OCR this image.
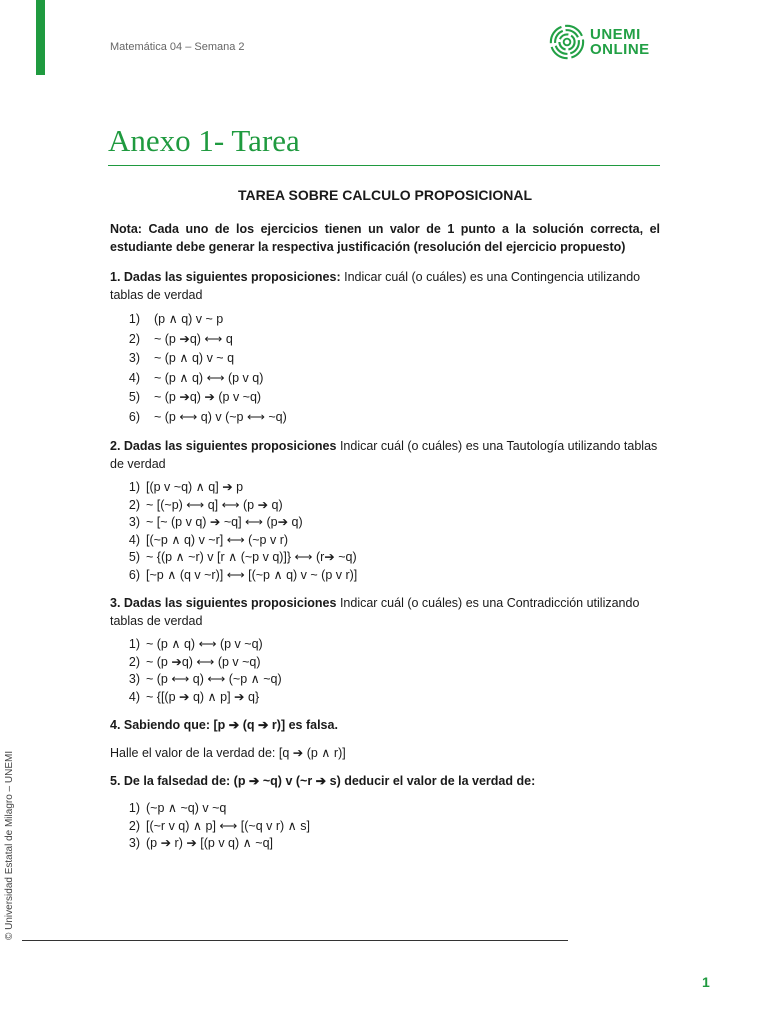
Matemática 04 – Semana 2
UNEMI
ONLINE
Anexo 1- Tarea
TAREA SOBRE CALCULO PROPOSICIONAL
Nota: Cada uno de los ejercicios tienen un valor de 1 punto a la solución correcta, el estudiante debe generar la respectiva justificación (resolución del ejercicio propuesto)

1. Dadas las siguientes proposiciones: Indicar cuál (o cuáles) es una Contingencia utilizando tablas de verdad

1)	(p ∧ q) v ~ p
2)	~ (p ➔q) ⟷ q
3)	~ (p ∧ q) v ~ q
4)	~ (p ∧ q) ⟷ (p v q)
5)	~ (p ➔q) ➔ (p v ~q)
6)	~ (p ⟷ q) v (~p ⟷ ~q)

2. Dadas las siguientes proposiciones Indicar cuál (o cuáles) es una Tautología utilizando tablas de verdad

1) [(p v ~q) ∧ q] ➔ p
2) ~ [(~p) ⟷ q] ⟷ (p ➔ q)
3) ~ [~ (p v q) ➔ ~q] ⟷ (p➔ q)
4) [(~p ∧ q) v ~r] ⟷ (~p v r)
5) ~ {(p ∧ ~r) v [r ∧ (~p v q)]} ⟷ (r➔ ~q)
6) [~p ∧ (q v ~r)] ⟷ [(~p ∧ q) v ~ (p v r)]

3. Dadas las siguientes proposiciones Indicar cuál (o cuáles) es una Contradicción utilizando tablas de verdad

1) ~ (p ∧ q) ⟷ (p v ~q)
2) ~ (p ➔q) ⟷ (p v ~q)
3) ~ (p ⟷ q) ⟷ (~p ∧ ~q)
4) ~ {[(p ➔ q) ∧ p] ➔ q}

4. Sabiendo que: [p ➔ (q ➔ r)] es falsa.

Halle el valor de la verdad de: [q ➔ (p ∧ r)]

5. De la falsedad de: (p ➔ ~q) v (~r ➔ s) deducir el valor de la verdad de:

1) (~p ∧ ~q) v ~q
2) [(~r v q) ∧ p] ⟷ [(~q v r) ∧ s]
3) (p ➔ r) ➔ [(p v q) ∧ ~q]
© Universidad Estatal de Milagro – UNEMI
1
